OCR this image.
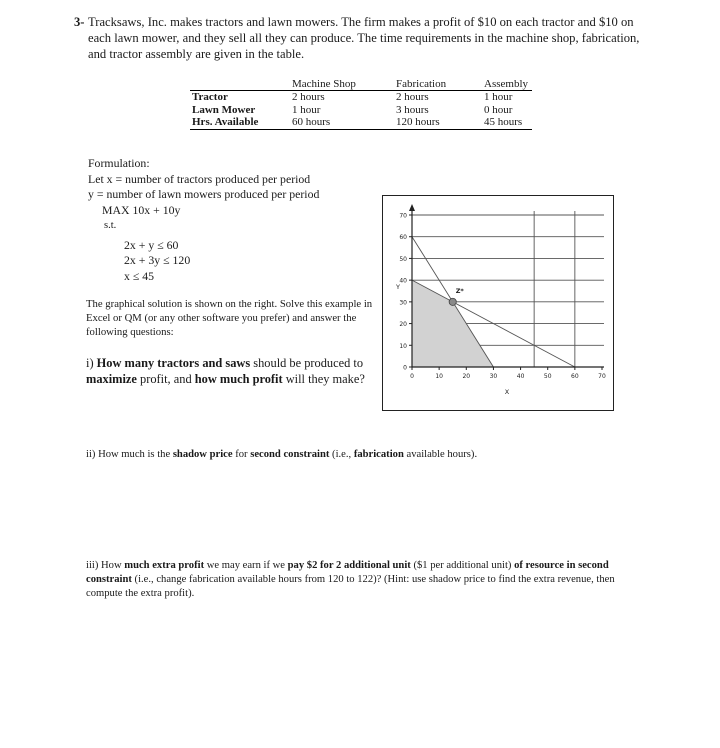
3- Tracksaws, Inc. makes tractors and lawn mowers. The firm makes a profit of $10 on each tractor and $10 on each lawn mower, and they sell all they can produce. The time requirements in the machine shop, fabrication, and tractor assembly are given in the table.
	Machine Shop	Fabrication	Assembly
Tractor	2 hours	2 hours	1 hour
Lawn Mower	1 hour	3 hours	0 hour
Hrs. Available	60 hours	120 hours	45 hours
Formulation:
Let x = number of tractors produced per period
y = number of lawn mowers produced per period
MAX 10x + 10y
s.t.
2x + y ≤ 60
2x + 3y ≤ 120
x ≤ 45
The graphical solution is shown on the right. Solve this example in Excel or QM (or any other software you prefer) and answer the following questions:
i) How many tractors and saws should be produced to maximize profit, and how much profit will they make?
0
10
20
30
40
50
60
70
0	10	20	30	40	50	60	70
Y
X
Z*
ii) How much is the shadow price for second constraint (i.e., fabrication available hours).
iii) How much extra profit we may earn if we pay $2 for 2 additional unit ($1 per additional unit) of resource in second constraint (i.e., change fabrication available hours from 120 to 122)? (Hint: use shadow price to find the extra revenue, then compute the extra profit).
